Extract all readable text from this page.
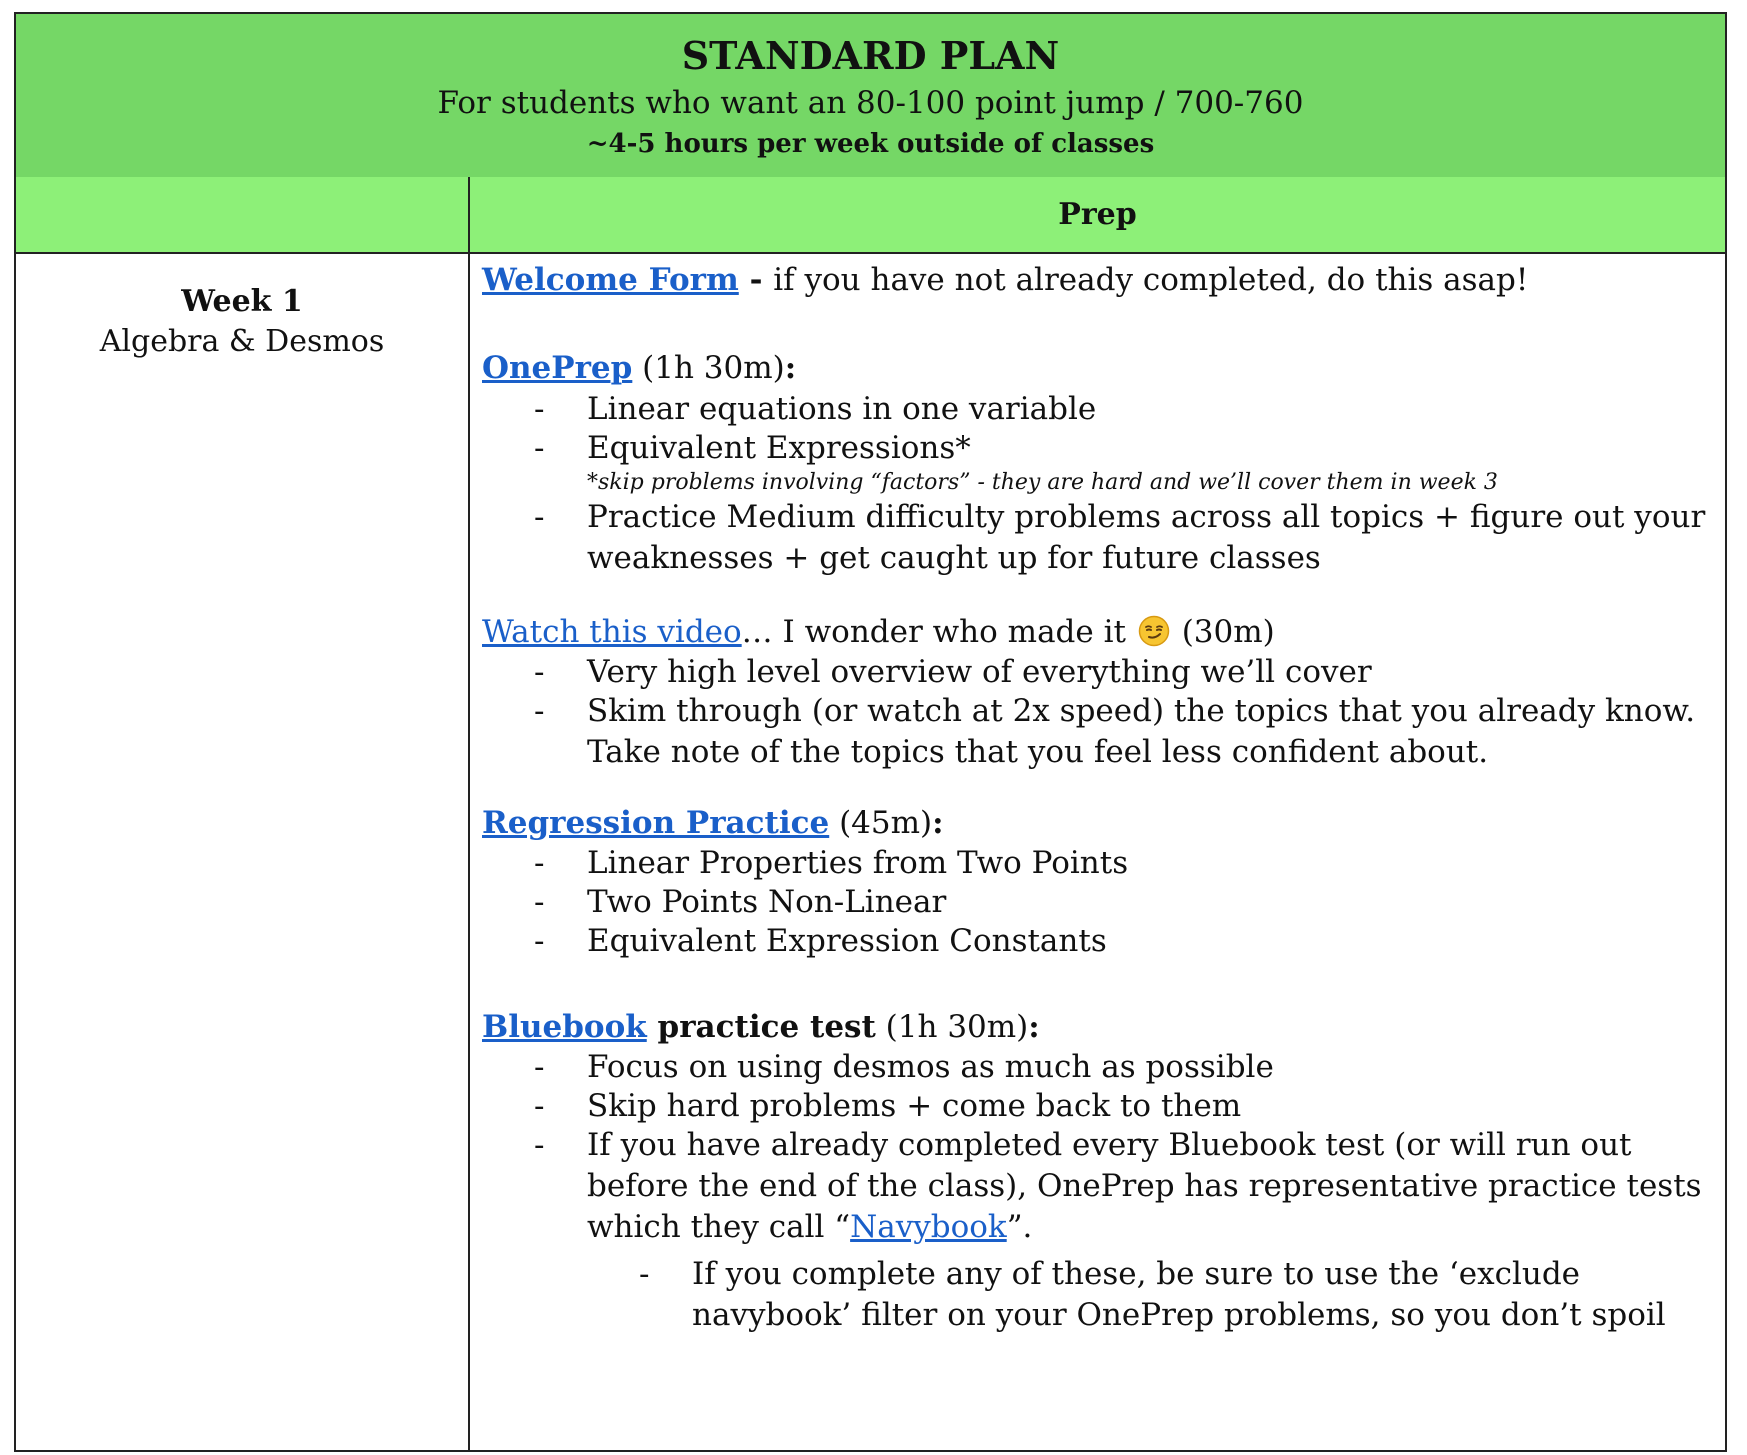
STANDARD PLAN
For students who want an 80-100 point jump / 700-760
~4-5 hours per week outside of classes
Prep
Week 1
Algebra & Desmos
Welcome Form - if you have not already completed, do this asap!
OnePrep (1h 30m):
- Linear equations in one variable
- Equivalent Expressions*
*skip problems involving “factors” - they are hard and we’ll cover them in week 3
- Practice Medium difficulty problems across all topics + figure out your weaknesses + get caught up for future classes
Watch this video… I wonder who made it (30m)
- Very high level overview of everything we’ll cover
- Skim through (or watch at 2x speed) the topics that you already know. Take note of the topics that you feel less confident about.
Regression Practice (45m):
- Linear Properties from Two Points
- Two Points Non-Linear
- Equivalent Expression Constants
Bluebook practice test (1h 30m):
- Focus on using desmos as much as possible
- Skip hard problems + come back to them
- If you have already completed every Bluebook test (or will run out before the end of the class), OnePrep has representative practice tests which they call “Navybook”.
- If you complete any of these, be sure to use the ‘exclude navybook’ filter on your OnePrep problems, so you don’t spoil
